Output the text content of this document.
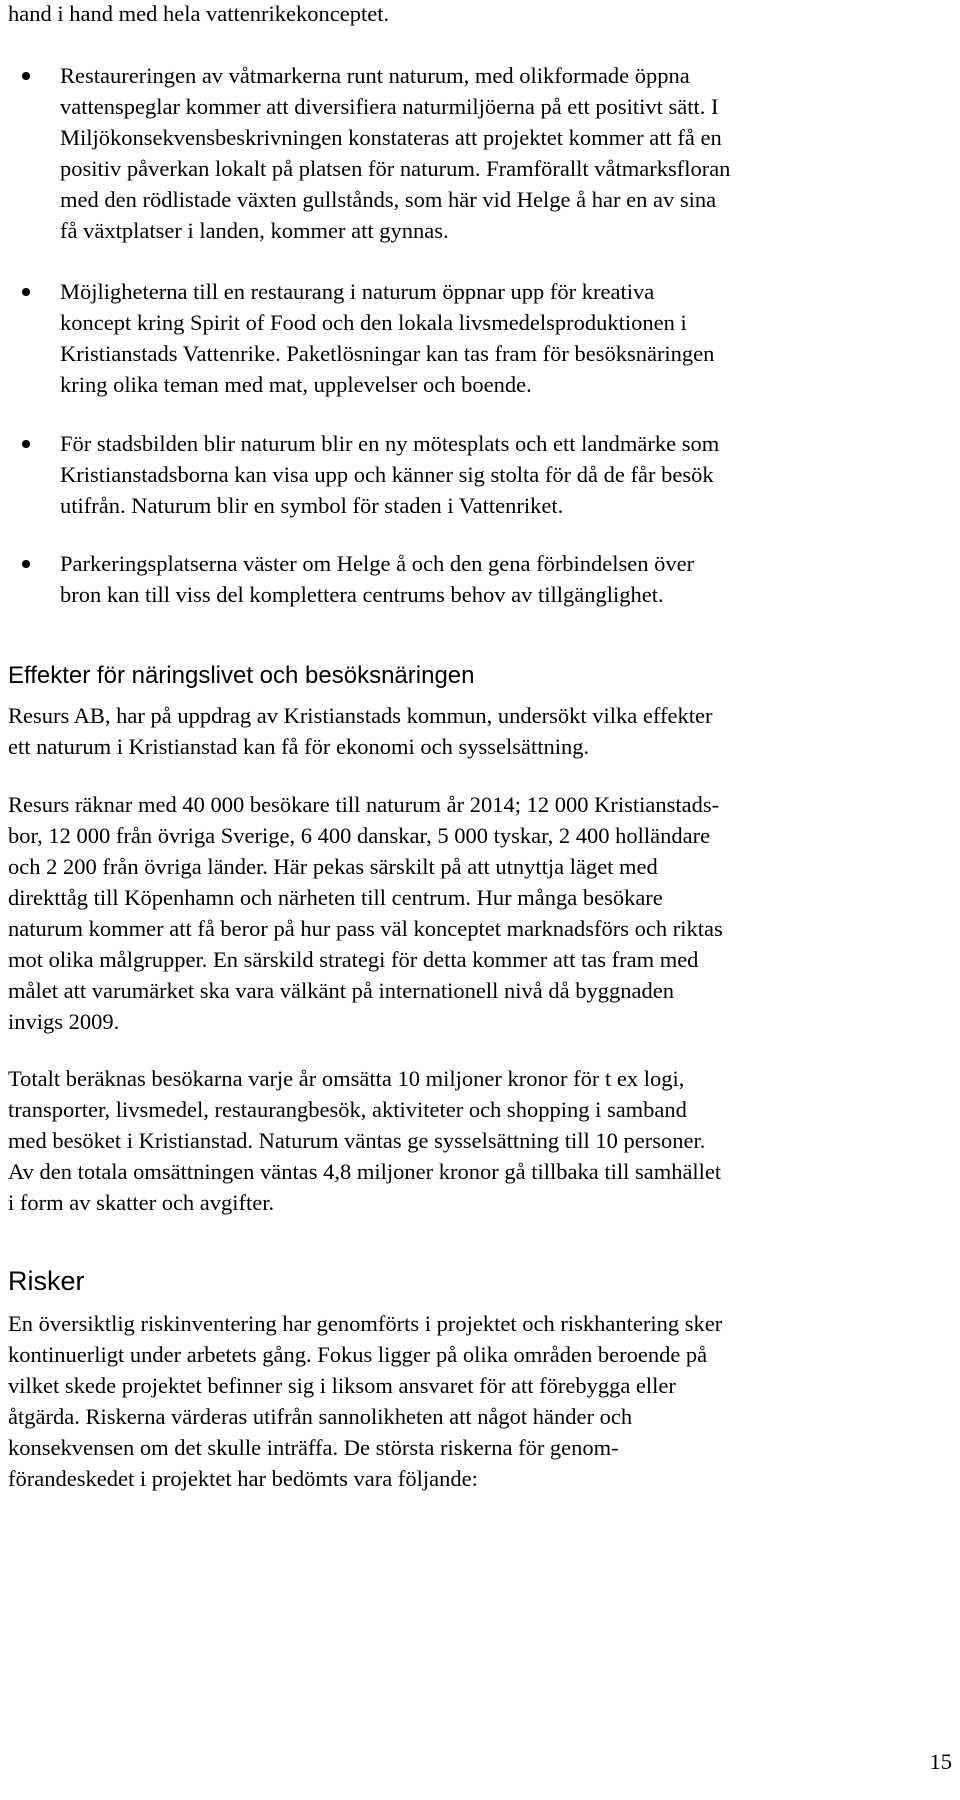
hand i hand med hela vattenrikekonceptet.

Restaureringen av våtmarkerna runt naturum, med olikformade öppna
vattenspeglar kommer att diversifiera naturmiljöerna på ett positivt sätt. I
Miljökonsekvensbeskrivningen konstateras att projektet kommer att få en
positiv påverkan lokalt på platsen för naturum. Framförallt våtmarksfloran
med den rödlistade växten gullstånds, som här vid Helge å har en av sina
få växtplatser i landen, kommer att gynnas.

Möjligheterna till en restaurang i naturum öppnar upp för kreativa
koncept kring Spirit of Food och den lokala livsmedelsproduktionen i
Kristianstads Vattenrike. Paketlösningar kan tas fram för besöksnäringen
kring olika teman med mat, upplevelser och boende.

För stadsbilden blir naturum blir en ny mötesplats och ett landmärke som
Kristianstadsborna kan visa upp och känner sig stolta för då de får besök
utifrån. Naturum blir en symbol för staden i Vattenriket.

Parkeringsplatserna väster om Helge å och den gena förbindelsen över
bron kan till viss del komplettera centrums behov av tillgänglighet.

Effekter för näringslivet och besöksnäringen

Resurs AB, har på uppdrag av Kristianstads kommun, undersökt vilka effekter
ett naturum i Kristianstad kan få för ekonomi och sysselsättning.

Resurs räknar med 40 000 besökare till naturum år 2014; 12 000 Kristianstads-
bor, 12 000 från övriga Sverige, 6 400 danskar, 5 000 tyskar, 2 400 holländare
och 2 200 från övriga länder. Här pekas särskilt på att utnyttja läget med
direkttåg till Köpenhamn och närheten till centrum. Hur många besökare
naturum kommer att få beror på hur pass väl konceptet marknadsförs och riktas
mot olika målgrupper. En särskild strategi för detta kommer att tas fram med
målet att varumärket ska vara välkänt på internationell nivå då byggnaden
invigs 2009.

Totalt beräknas besökarna varje år omsätta 10 miljoner kronor för t ex logi,
transporter, livsmedel, restaurangbesök, aktiviteter och shopping i samband
med besöket i Kristianstad. Naturum väntas ge sysselsättning till 10 personer.
Av den totala omsättningen väntas 4,8 miljoner kronor gå tillbaka till samhället
i form av skatter och avgifter.

Risker

En översiktlig riskinventering har genomförts i projektet och riskhantering sker
kontinuerligt under arbetets gång. Fokus ligger på olika områden beroende på
vilket skede projektet befinner sig i liksom ansvaret för att förebygga eller
åtgärda. Riskerna värderas utifrån sannolikheten att något händer och
konsekvensen om det skulle inträffa. De största riskerna för genom-
förandeskedet i projektet har bedömts vara följande:

15
